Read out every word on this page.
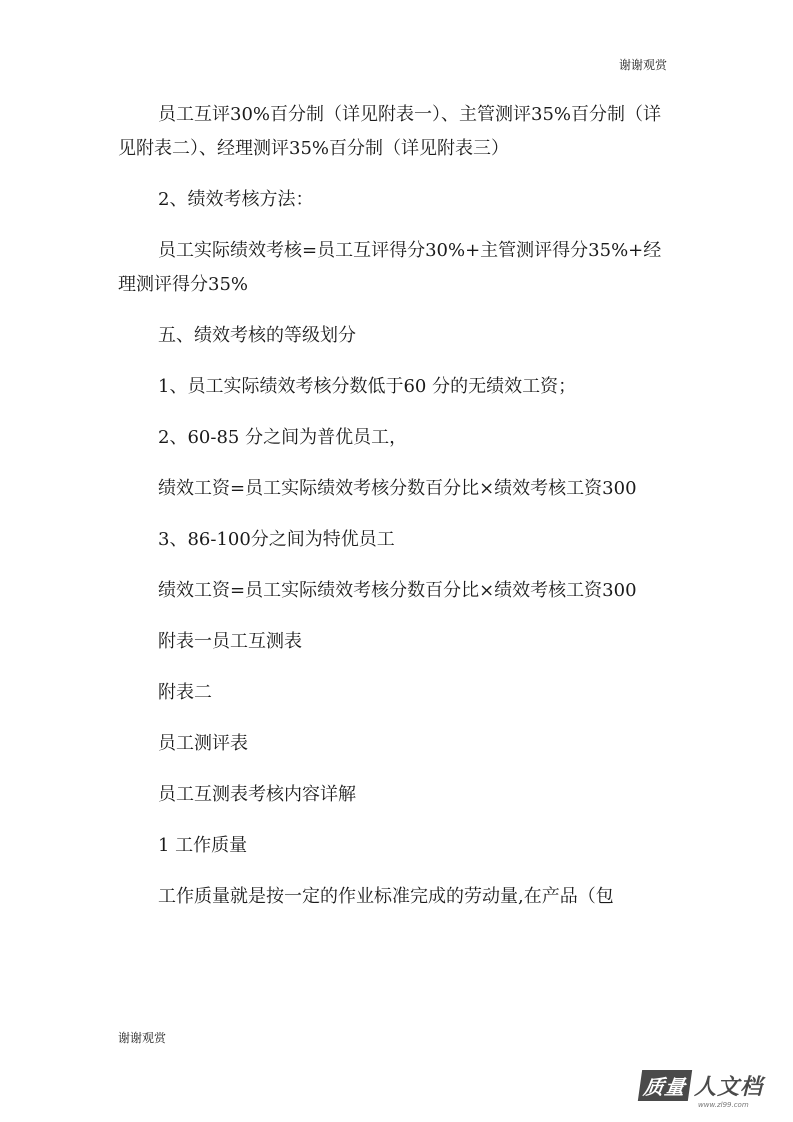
谢谢观赏

员工互评30%百分制（详见附表一）、主管测评35%百分制（详见附表二）、经理测评35%百分制（详见附表三）

2、绩效考核方法：

员工实际绩效考核=员工互评得分30%+主管测评得分35%+经理测评得分35%

五、绩效考核的等级划分

1、员工实际绩效考核分数低于60 分的无绩效工资；

2、60-85 分之间为普优员工，

绩效工资=员工实际绩效考核分数百分比×绩效考核工资300

3、86-100分之间为特优员工

绩效工资=员工实际绩效考核分数百分比×绩效考核工资300

附表一员工互测表

附表二

员工测评表

员工互测表考核内容详解

1 工作质量

工作质量就是按一定的作业标准完成的劳动量,在产品（包

谢谢观赏
质量 人文档
www.zl99.com
